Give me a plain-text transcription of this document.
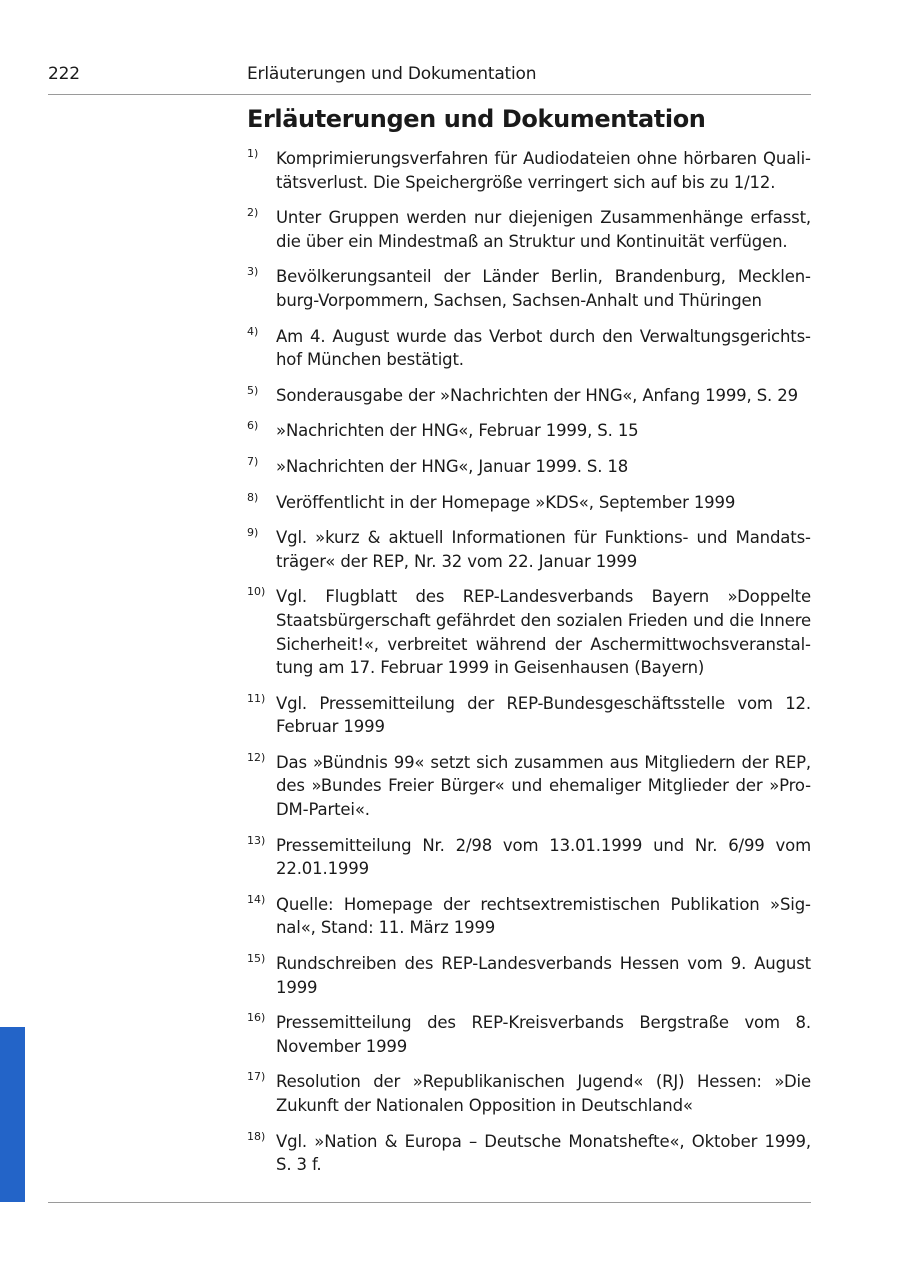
222	Erläuterungen und Dokumentation
Erläuterungen und Dokumentation
1)	Komprimierungsverfahren für Audiodateien ohne hörbaren Qualitätsverlust. Die Speichergröße verringert sich auf bis zu 1/12.
2)	Unter Gruppen werden nur diejenigen Zusammenhänge erfasst, die über ein Mindestmaß an Struktur und Kontinuität verfügen.
3)	Bevölkerungsanteil der Länder Berlin, Brandenburg, Mecklenburg-Vorpommern, Sachsen, Sachsen-Anhalt und Thüringen
4)	Am 4. August wurde das Verbot durch den Verwaltungsgerichtshof München bestätigt.
5)	Sonderausgabe der »Nachrichten der HNG«, Anfang 1999, S. 29
6)	»Nachrichten der HNG«, Februar 1999, S. 15
7)	»Nachrichten der HNG«, Januar 1999. S. 18
8)	Veröffentlicht in der Homepage »KDS«, September 1999
9)	Vgl. »kurz & aktuell Informationen für Funktions- und Mandatsträger« der REP, Nr. 32 vom 22. Januar 1999
10) Vgl. Flugblatt des REP-Landesverbands Bayern »Doppelte Staatsbürgerschaft gefährdet den sozialen Frieden und die Innere Sicherheit!«, verbreitet während der Aschermittwochsveranstaltung am 17. Februar 1999 in Geisenhausen (Bayern)
11) Vgl. Pressemitteilung der REP-Bundesgeschäftsstelle vom 12. Februar 1999
12) Das »Bündnis 99« setzt sich zusammen aus Mitgliedern der REP, des »Bundes Freier Bürger« und ehemaliger Mitglieder der »Pro-DM-Partei«.
13) Pressemitteilung Nr. 2/98 vom 13.01.1999 und Nr. 6/99 vom 22.01.1999
14) Quelle: Homepage der rechtsextremistischen Publikation »Signal«, Stand: 11. März 1999
15) Rundschreiben des REP-Landesverbands Hessen vom 9. August 1999
16) Pressemitteilung des REP-Kreisverbands Bergstraße vom 8. November 1999
17) Resolution der »Republikanischen Jugend« (RJ) Hessen: »Die Zukunft der Nationalen Opposition in Deutschland«
18) Vgl. »Nation & Europa – Deutsche Monatshefte«, Oktober 1999, S. 3 f.
